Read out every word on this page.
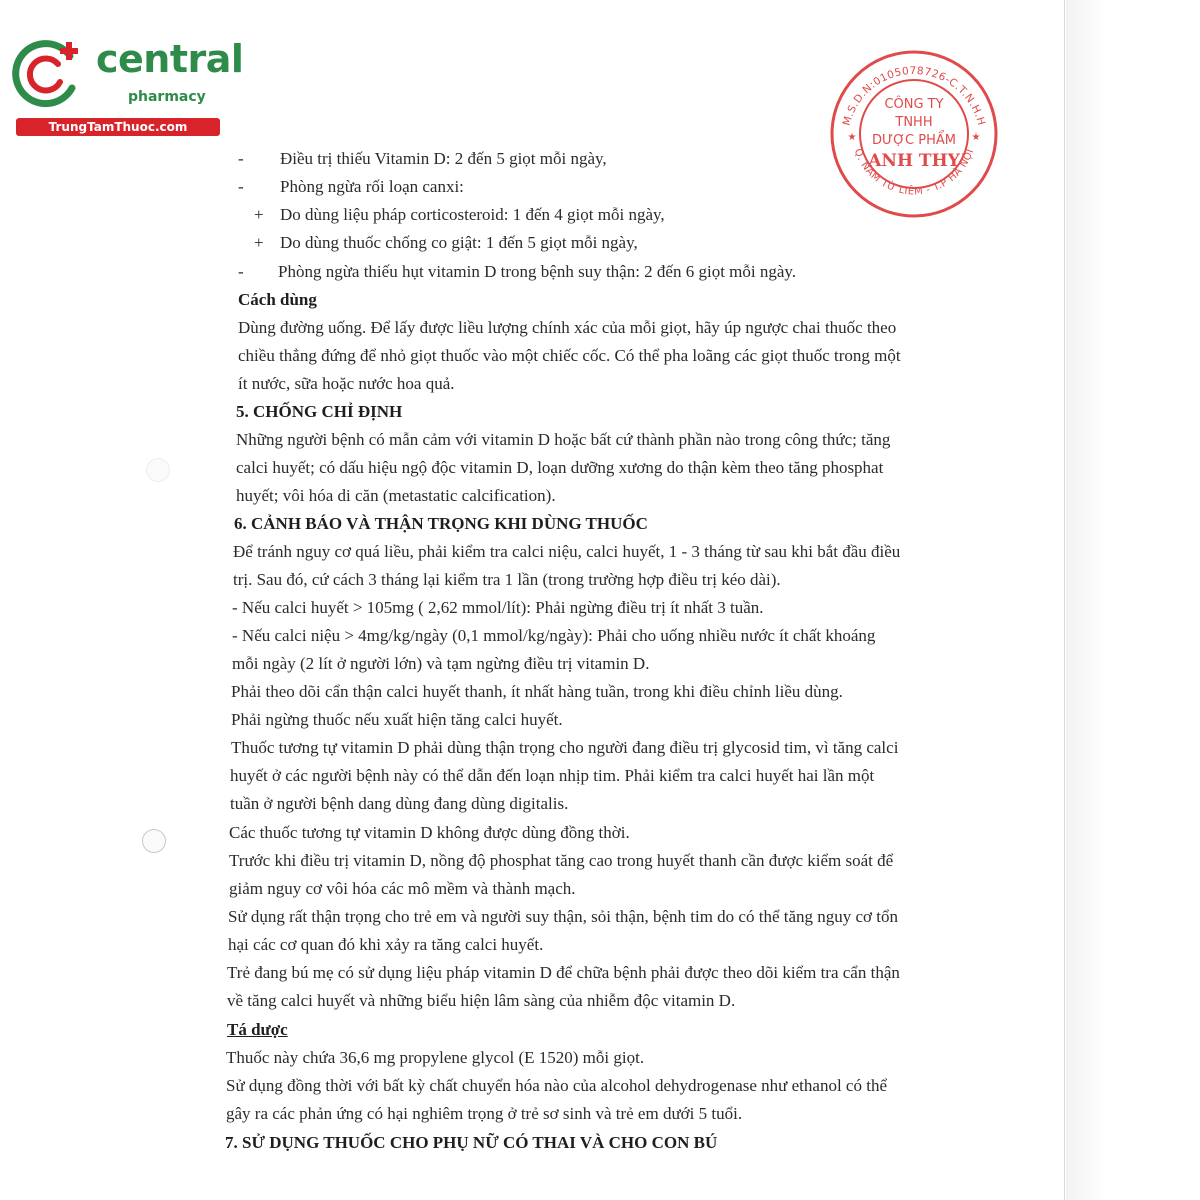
central
pharmacy
TrungTamThuoc.com	M.S.D.N:0105078726-C.T.N.H.H
Q. NAM TỪ LIÊM - T.P HÀ NỘI
CÔNG TY
TNHH
DƯỢC PHẨM
ANH THY
★	★
- Điều trị thiếu Vitamin D: 2 đến 5 giọt mỗi ngày,
- Phòng ngừa rối loạn canxi:
+ Do dùng liệu pháp corticosteroid: 1 đến 4 giọt mỗi ngày,
+ Do dùng thuốc chống co giật: 1 đến 5 giọt mỗi ngày,
- Phòng ngừa thiếu hụt vitamin D trong bệnh suy thận: 2 đến 6 giọt mỗi ngày.
Cách dùng
Dùng đường uống. Để lấy được liều lượng chính xác của mỗi giọt, hãy úp ngược chai thuốc theo
chiều thẳng đứng để nhỏ giọt thuốc vào một chiếc cốc. Có thể pha loãng các giọt thuốc trong một
ít nước, sữa hoặc nước hoa quả.
5. CHỐNG CHỈ ĐỊNH
Những người bệnh có mẫn cảm với vitamin D hoặc bất cứ thành phần nào trong công thức; tăng
calci huyết; có dấu hiệu ngộ độc vitamin D, loạn dưỡng xương do thận kèm theo tăng phosphat
huyết; vôi hóa di căn (metastatic calcification).
6. CẢNH BÁO VÀ THẬN TRỌNG KHI DÙNG THUỐC
Để tránh nguy cơ quá liều, phải kiểm tra calci niệu, calci huyết, 1 - 3 tháng từ sau khi bắt đầu điều
trị. Sau đó, cứ cách 3 tháng lại kiểm tra 1 lần (trong trường hợp điều trị kéo dài).
- Nếu calci huyết > 105mg ( 2,62 mmol/lít): Phải ngừng điều trị ít nhất 3 tuần.
- Nếu calci niệu > 4mg/kg/ngày (0,1 mmol/kg/ngày): Phải cho uống nhiều nước ít chất khoáng
mỗi ngày (2 lít ở người lớn) và tạm ngừng điều trị vitamin D.
Phải theo dõi cẩn thận calci huyết thanh, ít nhất hàng tuần, trong khi điều chỉnh liều dùng.
Phải ngừng thuốc nếu xuất hiện tăng calci huyết.
Thuốc tương tự vitamin D phải dùng thận trọng cho người đang điều trị glycosid tim, vì tăng calci
huyết ở các người bệnh này có thể dẫn đến loạn nhịp tim. Phải kiểm tra calci huyết hai lần một
tuần ở người bệnh dang dùng đang dùng digitalis.
Các thuốc tương tự vitamin D không được dùng đồng thời.
Trước khi điều trị vitamin D, nồng độ phosphat tăng cao trong huyết thanh cần được kiểm soát để
giảm nguy cơ vôi hóa các mô mềm và thành mạch.
Sử dụng rất thận trọng cho trẻ em và người suy thận, sỏi thận, bệnh tim do có thể tăng nguy cơ tổn
hại các cơ quan đó khi xảy ra tăng calci huyết.
Trẻ đang bú mẹ có sử dụng liệu pháp vitamin D để chữa bệnh phải được theo dõi kiểm tra cẩn thận
về tăng calci huyết và những biểu hiện lâm sàng của nhiễm độc vitamin D.
Tá dược
Thuốc này chứa 36,6 mg propylene glycol (E 1520) mỗi giọt.
Sử dụng đồng thời với bất kỳ chất chuyển hóa nào của alcohol dehydrogenase như ethanol có thể
gây ra các phản ứng có hại nghiêm trọng ở trẻ sơ sinh và trẻ em dưới 5 tuổi.
7. SỬ DỤNG THUỐC CHO PHỤ NỮ CÓ THAI VÀ CHO CON BÚ
